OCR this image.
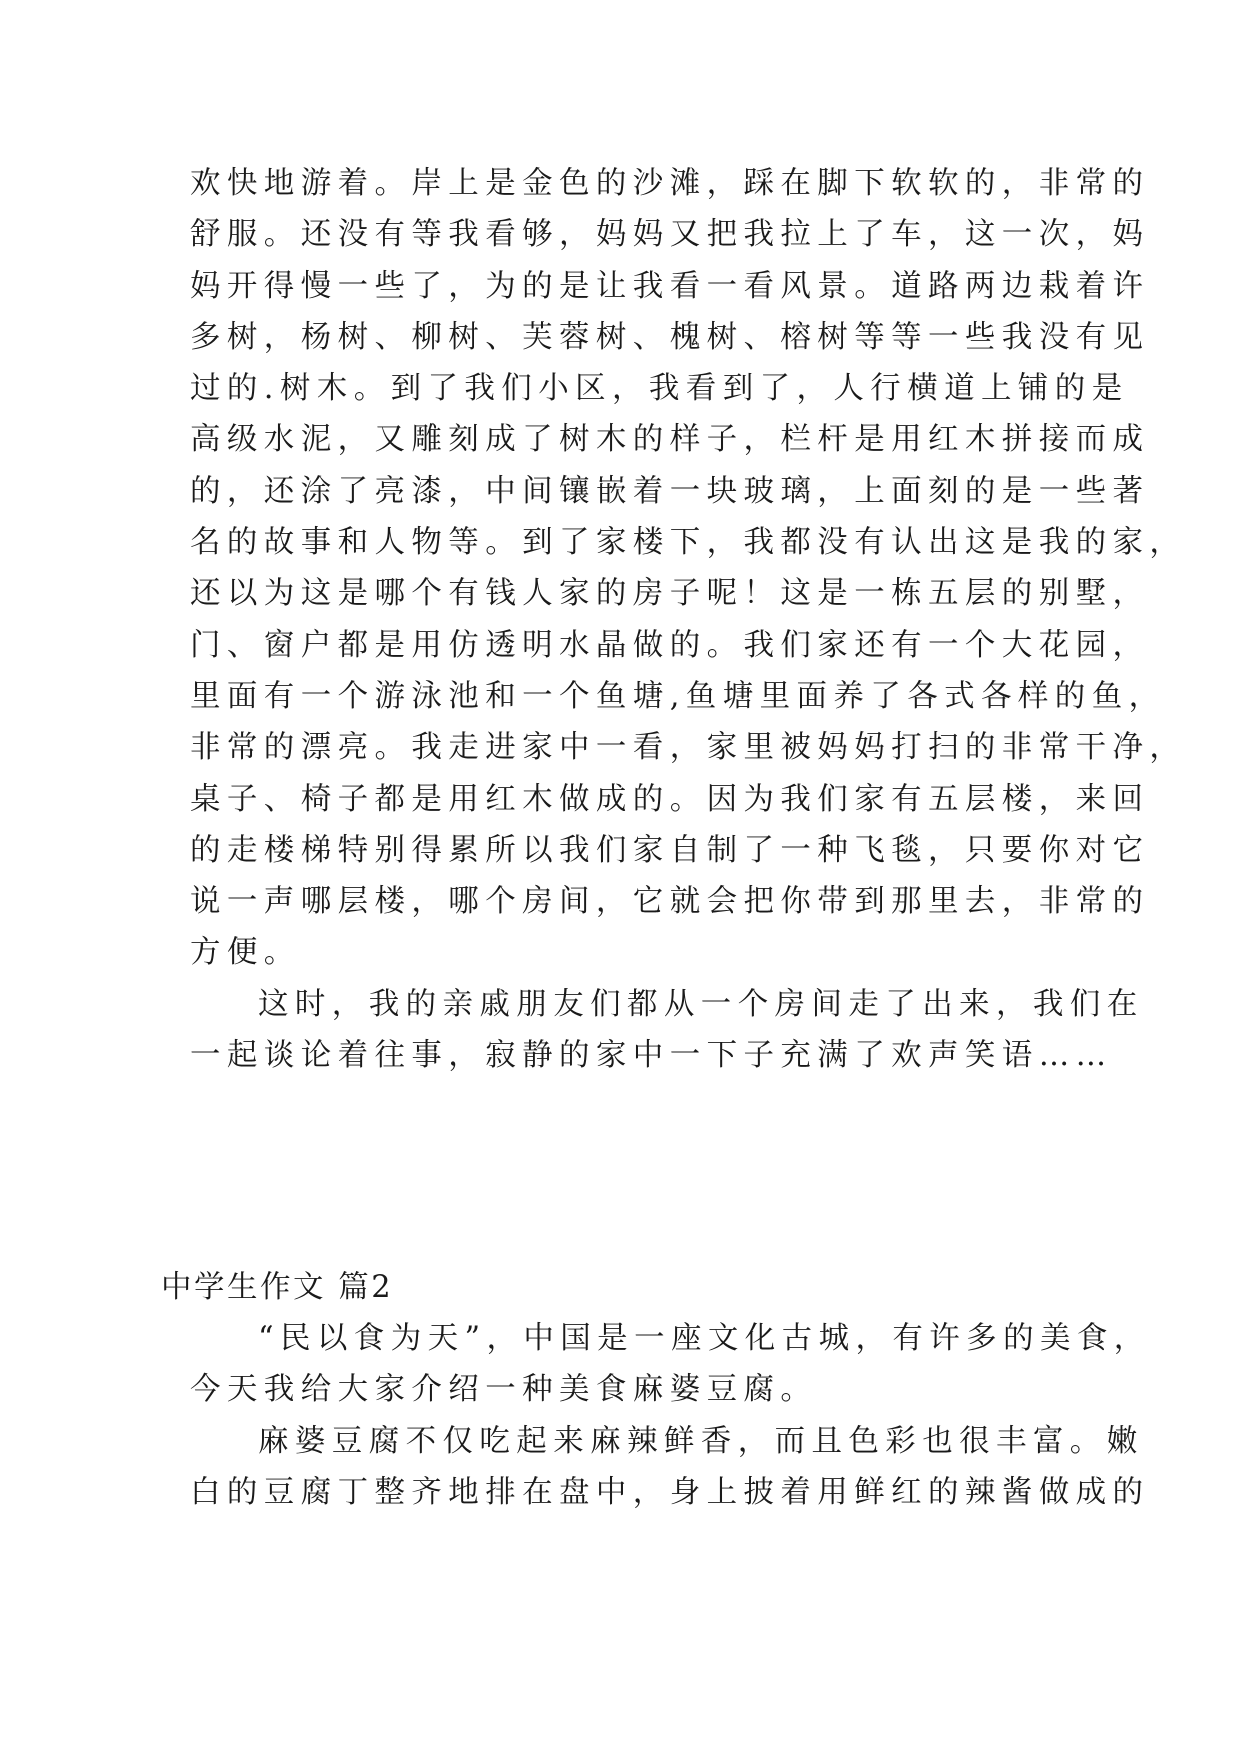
欢快地游着。岸上是金色的沙滩，踩在脚下软软的，非常的
舒服。还没有等我看够，妈妈又把我拉上了车，这一次，妈
妈开得慢一些了，为的是让我看一看风景。道路两边栽着许
多树，杨树、柳树、芙蓉树、槐树、榕树等等一些我没有见
过的.树木。到了我们小区，我看到了，人行横道上铺的是
高级水泥，又雕刻成了树木的样子，栏杆是用红木拼接而成
的，还涂了亮漆，中间镶嵌着一块玻璃，上面刻的是一些著
名的故事和人物等。到了家楼下，我都没有认出这是我的家，
还以为这是哪个有钱人家的房子呢！这是一栋五层的别墅，
门、窗户都是用仿透明水晶做的。我们家还有一个大花园，
里面有一个游泳池和一个鱼塘,鱼塘里面养了各式各样的鱼，
非常的漂亮。我走进家中一看，家里被妈妈打扫的非常干净，
桌子、椅子都是用红木做成的。因为我们家有五层楼，来回
的走楼梯特别得累所以我们家自制了一种飞毯，只要你对它
说一声哪层楼，哪个房间，它就会把你带到那里去，非常的
方便。
这时，我的亲戚朋友们都从一个房间走了出来，我们在
一起谈论着往事，寂静的家中一下子充满了欢声笑语……
中学生作文 篇2
“民以食为天”，中国是一座文化古城，有许多的美食，
今天我给大家介绍一种美食麻婆豆腐。
麻婆豆腐不仅吃起来麻辣鲜香，而且色彩也很丰富。嫩
白的豆腐丁整齐地排在盘中，身上披着用鲜红的辣酱做成的
